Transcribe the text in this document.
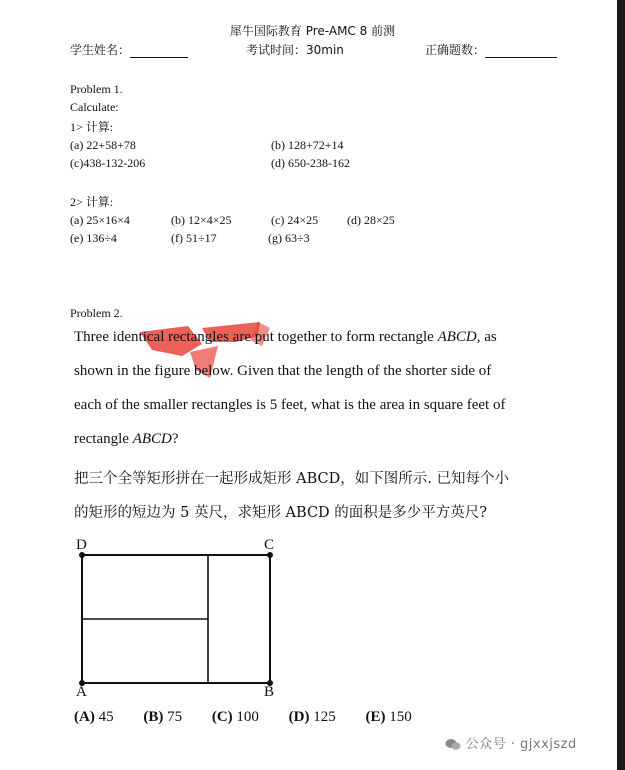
犀牛国际教育 Pre-AMC 8 前测
学生姓名：	考试时间：30min	正确题数：
Problem 1.
Calculate:
1> 计算:
(a) 22+58+78	(b) 128+72+14
(c)438-132-206	(d) 650-238-162
2> 计算:
(a) 25×16×4	(b) 12×4×25	(c) 24×25 (d) 28×25
(e) 136÷4	(f) 51÷17	(g) 63÷3
Problem 2.
Three identical rectangles are put together to form rectangle ABCD, as
shown in the figure below. Given that the length of the shorter side of
each of the smaller rectangles is 5 feet, what is the area in square feet of
rectangle ABCD?
把三个全等矩形拼在一起形成矩形 ABCD，如下图所示. 已知每个小
的矩形的短边为 5 英尺，求矩形 ABCD 的面积是多少平方英尺?
D	C
A	B
(A) 45 (B) 75 (C) 100 (D) 125 (E) 150
公众号 · gjxxjszd
